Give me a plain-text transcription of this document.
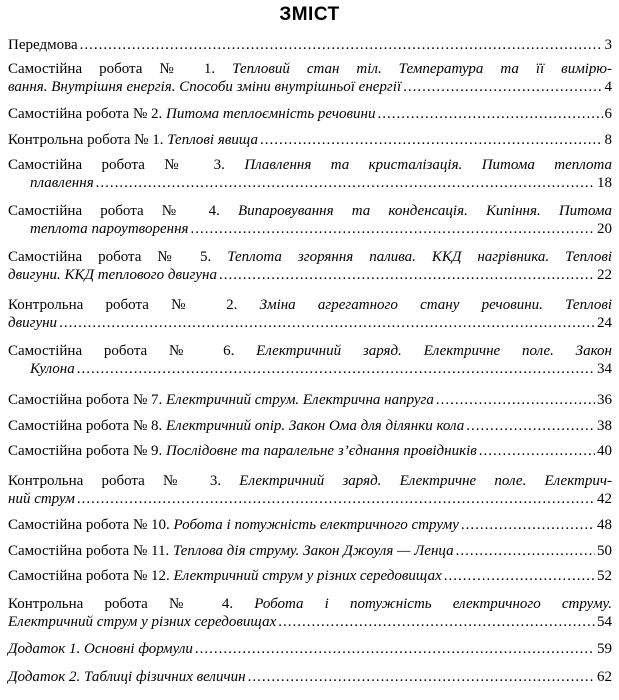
ЗМІСТ
Передмова .....	3
Самостійна робота № 1. Тепловий стан тіл. Температура та її вимірю-
вання. Внутрішня енергія. Способи зміни внутрішньої енергії .....	4
Самостійна робота № 2.
Питома теплоємність речовини .....	6
Контрольна робота № 1.
Теплові явища .....	8
Самостійна робота № 3. Плавлення та кристалізація. Питома теплота
плавлення .....	18
Самостійна робота № 4. Випаровування та конденсація. Кипіння. Питома
теплота пароутворення .....	20
Самостійна робота № 5. Теплота згоряння палива. ККД нагрівника. Теплові
двигуни. ККД теплового двигуна .....	22
Контрольна робота № 2. Зміна агрегатного стану речовини. Теплові
двигуни .....	24
Самостійна робота № 6. Електричний заряд. Електричне поле. Закон
Кулона .....	34
Самостійна робота № 7.
Електричний струм. Електрична напруга .....	36
Самостійна робота № 8.
Електричний опір. Закон Ома для ділянки кола .....	38
Самостійна робота № 9.
Послідовне та паралельне з’єднання провідників .....	40
Контрольна робота № 3. Електричний заряд. Електричне поле. Електрич-
ний струм .....	42
Самостійна робота № 10.
Робота і потужність електричного струму .....	48
Самостійна робота № 11.
Теплова дія струму. Закон Джоуля — Ленца .....	50
Самостійна робота № 12.
Електричний струм у різних середовищах .....	52
Контрольна робота № 4. Робота і потужність електричного струму.
Електричний струм у різних середовищах .....	54
Додаток 1. Основні формули .....	59
Додаток 2. Таблиці фізичних величин .....	62
